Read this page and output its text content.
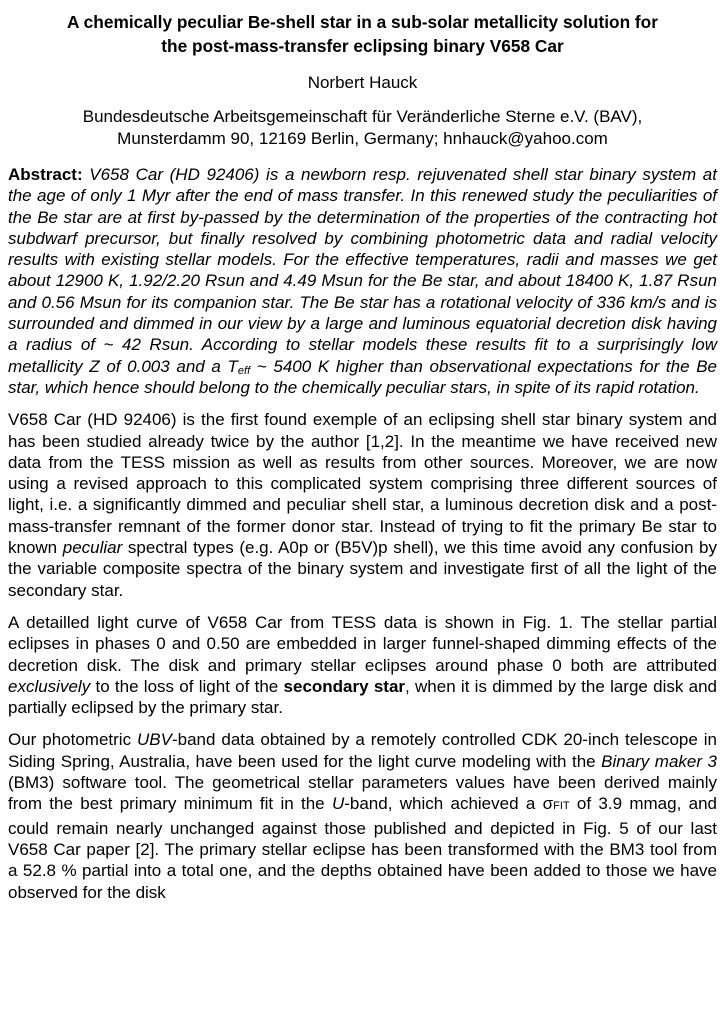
A chemically peculiar Be-shell star in a sub-solar metallicity solution for
the post-mass-transfer eclipsing binary V658 Car
Norbert Hauck
Bundesdeutsche Arbeitsgemeinschaft für Veränderliche Sterne e.V. (BAV),
Munsterdamm 90, 12169 Berlin, Germany; hnhauck@yahoo.com

Abstract: V658 Car (HD 92406) is a newborn resp. rejuvenated shell star binary system at the age of only 1 Myr after the end of mass transfer. In this renewed study the peculiarities of the Be star are at first by-passed by the determination of the properties of the contracting hot subdwarf precursor, but finally resolved by combining photometric data and radial velocity results with existing stellar models. For the effective temperatures, radii and masses we get about 12900 K, 1.92/2.20 Rsun and 4.49 Msun for the Be star, and about 18400 K, 1.87 Rsun and 0.56 Msun for its companion star. The Be star has a rotational velocity of 336 km/s and is surrounded and dimmed in our view by a large and luminous equatorial decretion disk having a radius of ~ 42 Rsun. According to stellar models these results fit to a surprisingly low metallicity Z of 0.003 and a $T_{eff}$ ~ 5400 K higher than observational expectations for the Be star, which hence should belong to the chemically peculiar stars, in spite of its rapid rotation.

V658 Car (HD 92406) is the first found exemple of an eclipsing shell star binary system and has been studied already twice by the author [1,2]. In the meantime we have received new data from the TESS mission as well as results from other sources. Moreover, we are now using a revised approach to this complicated system comprising three different sources of light, i.e. a significantly dimmed and peculiar shell star, a luminous decretion disk and a post-mass-transfer remnant of the former donor star. Instead of trying to fit the primary Be star to known peculiar spectral types (e.g. A0p or (B5V)p shell), we this time avoid any confusion by the variable composite spectra of the binary system and investigate first of all the light of the secondary star.

A detailled light curve of V658 Car from TESS data is shown in Fig. 1. The stellar partial eclipses in phases 0 and 0.50 are embedded in larger funnel-shaped dimming effects of the decretion disk. The disk and primary stellar eclipses around phase 0 both are attributed exclusively to the loss of light of the secondary star, when it is dimmed by the large disk and partially eclipsed by the primary star.

Our photometric UBV-band data obtained by a remotely controlled CDK 20-inch telescope in Siding Spring, Australia, have been used for the light curve modeling with the Binary maker 3 (BM3) software tool. The geometrical stellar parameters values have been derived mainly from the best primary minimum fit in the U-band, which achieved a σFIT of 3.9 mmag, and could remain nearly unchanged against those published and depicted in Fig. 5 of our last V658 Car paper [2]. The primary stellar eclipse has been transformed with the BM3 tool from a 52.8 % partial into a total one, and the depths obtained have been added to those we have observed for the disk
